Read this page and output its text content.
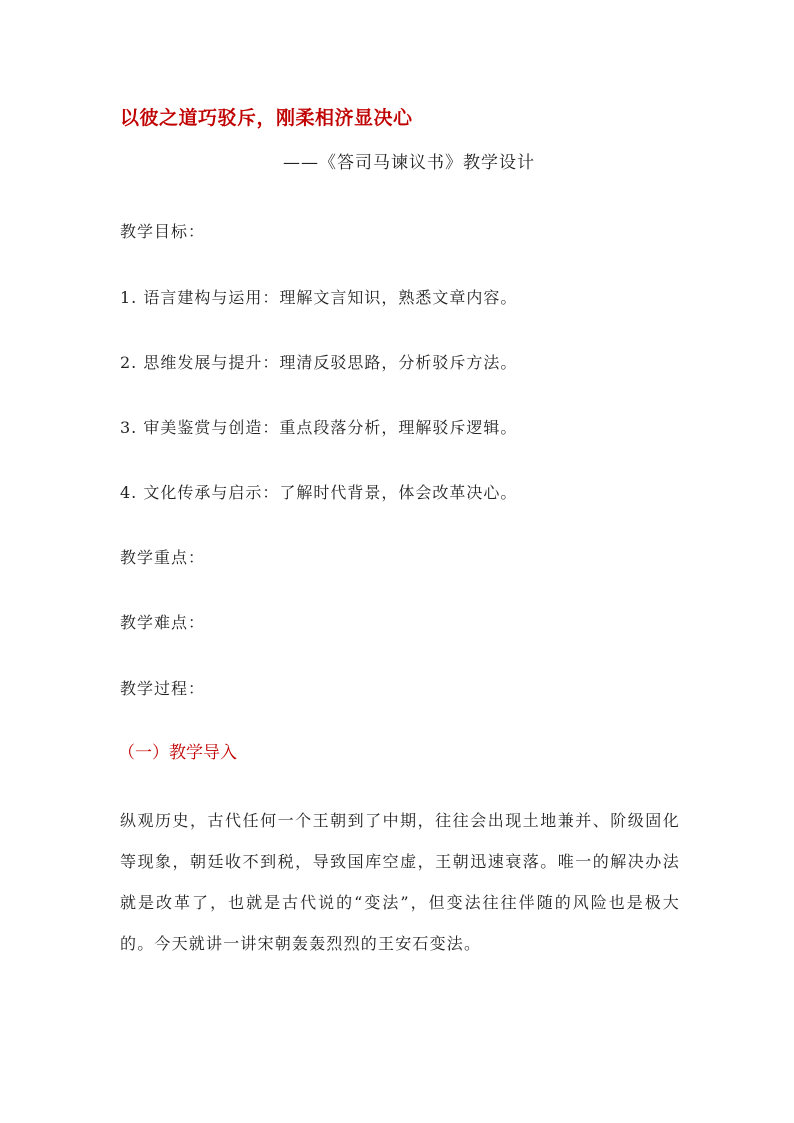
以彼之道巧驳斥，刚柔相济显决心
——《答司马谏议书》教学设计
教学目标：
1. 语言建构与运用：理解文言知识，熟悉文章内容。
2. 思维发展与提升：理清反驳思路，分析驳斥方法。
3. 审美鉴赏与创造：重点段落分析，理解驳斥逻辑。
4. 文化传承与启示：了解时代背景，体会改革决心。
教学重点：
教学难点：
教学过程：
（一）教学导入
纵观历史，古代任何一个王朝到了中期，往往会出现土地兼并、阶级固化等现象，朝廷收不到税，导致国库空虚，王朝迅速衰落。唯一的解决办法就是改革了，也就是古代说的“变法”，但变法往往伴随的风险也是极大的。今天就讲一讲宋朝轰轰烈烈的王安石变法。
